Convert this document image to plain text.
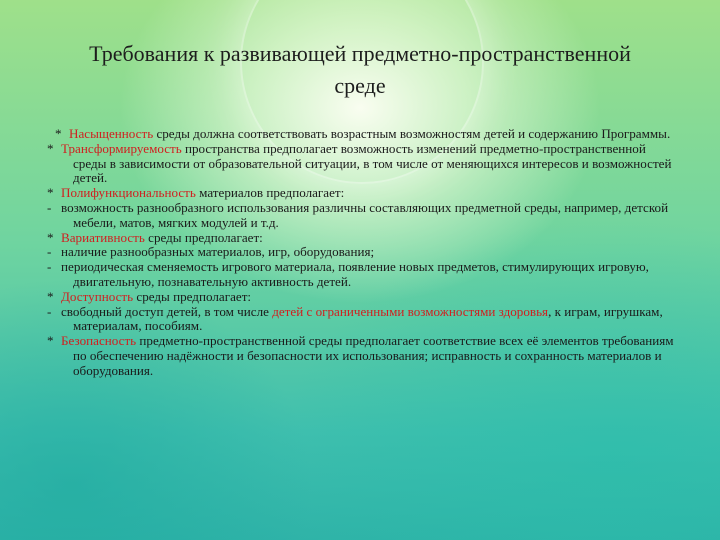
Требования к развивающей предметно-пространственной
среде

* Насыщенность среды должна соответствовать возрастным возможностям детей и содержанию Программы.

* Трансформируемость пространства предполагает возможность изменений предметно-пространственной среды в зависимости от образовательной ситуации, в том числе от меняющихся интересов и возможностей детей.

* Полифункциональность материалов предполагает:

- возможность разнообразного использования различны составляющих предметной среды, например, детской мебели, матов, мягких модулей и т.д.

* Вариативность среды предполагает:

- наличие разнообразных материалов, игр, оборудования;

- периодическая сменяемость игрового материала, появление новых предметов, стимулирующих игровую, двигательную, познавательную активность детей.

* Доступность среды предполагает:

- свободный доступ детей, в том числе детей с ограниченными возможностями здоровья, к играм, игрушкам, материалам, пособиям.

* Безопасность предметно-пространственной среды предполагает соответствие всех её элементов требованиям по обеспечению надёжности и безопасности их использования; исправность и сохранность материалов и оборудования.
